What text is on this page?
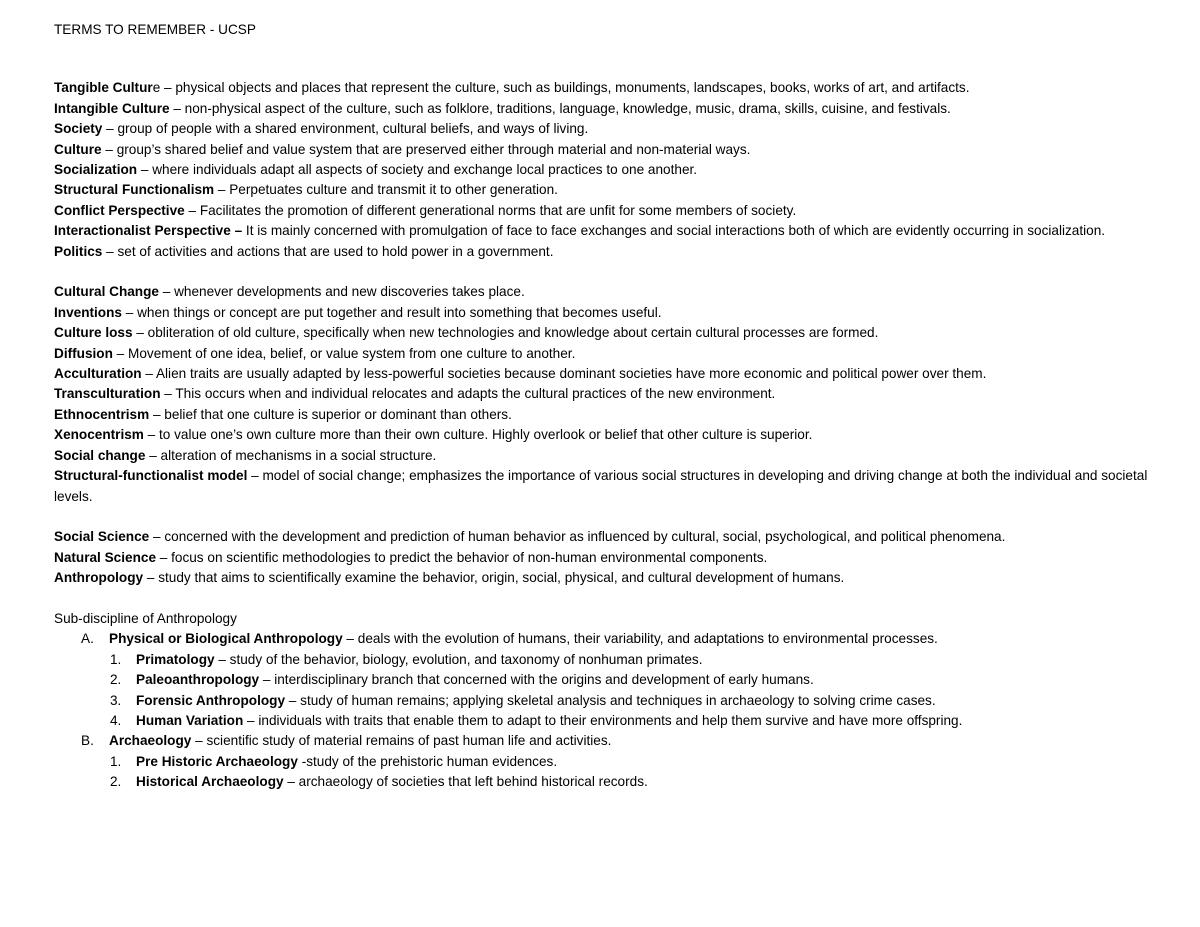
TERMS TO REMEMBER - UCSP

Tangible Culture – physical objects and places that represent the culture, such as buildings, monuments, landscapes, books, works of art, and artifacts.

Intangible Culture – non-physical aspect of the culture, such as folklore, traditions, language, knowledge, music, drama, skills, cuisine, and festivals.

Society – group of people with a shared environment, cultural beliefs, and ways of living.

Culture – group’s shared belief and value system that are preserved either through material and non-material ways.

Socialization – where individuals adapt all aspects of society and exchange local practices to one another.

Structural Functionalism – Perpetuates culture and transmit it to other generation.

Conflict Perspective – Facilitates the promotion of different generational norms that are unfit for some members of society.

Interactionalist Perspective – It is mainly concerned with promulgation of face to face exchanges and social interactions both of which are evidently occurring in socialization.

Politics – set of activities and actions that are used to hold power in a government.

Cultural Change – whenever developments and new discoveries takes place.

Inventions – when things or concept are put together and result into something that becomes useful.

Culture loss – obliteration of old culture, specifically when new technologies and knowledge about certain cultural processes are formed.

Diffusion – Movement of one idea, belief, or value system from one culture to another.

Acculturation – Alien traits are usually adapted by less-powerful societies because dominant societies have more economic and political power over them.

Transculturation – This occurs when and individual relocates and adapts the cultural practices of the new environment.

Ethnocentrism – belief that one culture is superior or dominant than others.

Xenocentrism – to value one’s own culture more than their own culture. Highly overlook or belief that other culture is superior.

Social change – alteration of mechanisms in a social structure.

Structural-functionalist model – model of social change; emphasizes the importance of various social structures in developing and driving change at both the individual and societal levels.

Social Science – concerned with the development and prediction of human behavior as influenced by cultural, social, psychological, and political phenomena.

Natural Science – focus on scientific methodologies to predict the behavior of non-human environmental components.

Anthropology – study that aims to scientifically examine the behavior, origin, social, physical, and cultural development of humans.

Sub-discipline of Anthropology

A. Physical or Biological Anthropology – deals with the evolution of humans, their variability, and adaptations to environmental processes.

1. Primatology – study of the behavior, biology, evolution, and taxonomy of nonhuman primates.

2. Paleoanthropology – interdisciplinary branch that concerned with the origins and development of early humans.

3. Forensic Anthropology – study of human remains; applying skeletal analysis and techniques in archaeology to solving crime cases.

4. Human Variation – individuals with traits that enable them to adapt to their environments and help them survive and have more offspring.

B. Archaeology – scientific study of material remains of past human life and activities.

1. Pre Historic Archaeology -study of the prehistoric human evidences.

2. Historical Archaeology – archaeology of societies that left behind historical records.
